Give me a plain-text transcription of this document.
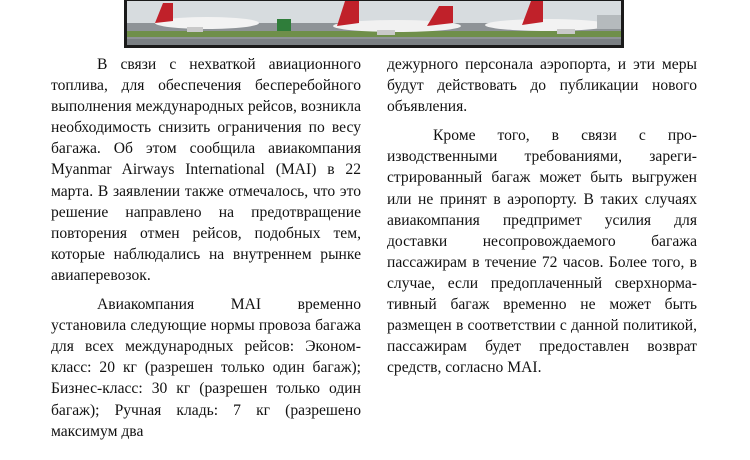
В связи с нехваткой авиационного топлива, для обеспечения бесперебойного выполнения международных рейсов, возникла необходимость снизить ограничения по весу багажа. Об этом сообщила авиакомпания Myanmar Airways International (MAI) в 22 марта. В заявлении также отмечалось, что это решение направлено на предотвращение повторения отмен рейсов, подобных тем, которые наблюдались на внутреннем рынке авиаперевозок.

Авиакомпания MAI временно установила следующие нормы провоза багажа для всех международных рейсов: Эконом-класс: 20 кг (разрешен только один багаж); Бизнес-класс: 30 кг (разрешен только один багаж); Ручная кладь: 7 кг (разрешено максимум два

дежурного персонала аэропорта, и эти меры будут действовать до публикации нового объявления.

Кроме того, в связи с производственными требованиями, зарегистрированный багаж может быть выгружен или не принят в аэропорту. В таких случаях авиакомпания предпримет усилия для доставки несопровождаемого багажа пассажирам в течение 72 часов. Более того, в случае, если предоплаченный сверхнормативный багаж временно не может быть размещен в соответствии с данной политикой, пассажирам будет предоставлен возврат средств, согласно MAI.
